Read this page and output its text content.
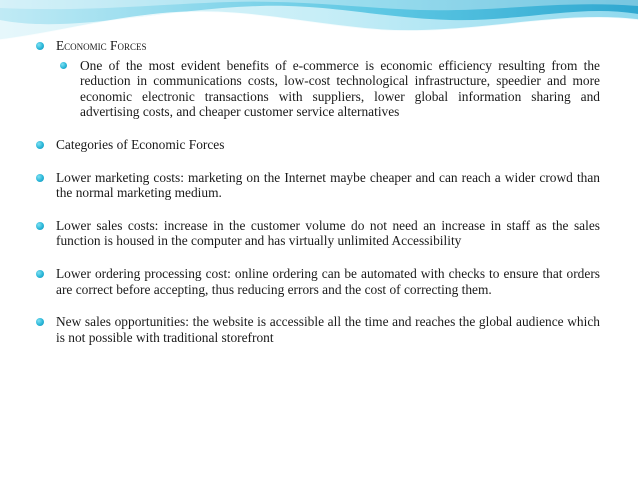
Economic Forces
One of the most evident benefits of e-commerce is economic efficiency resulting from the reduction in communications costs, low-cost technological infrastructure, speedier and more economic electronic transactions with suppliers, lower global information sharing and advertising costs, and cheaper customer service alternatives
Categories of Economic Forces
Lower marketing costs: marketing on the Internet maybe cheaper and can reach a wider crowd than the normal marketing medium.
Lower sales costs: increase in the customer volume do not need an increase in staff as the sales function is housed in the computer and has virtually unlimited Accessibility
Lower ordering processing cost: online ordering can be automated with checks to ensure that orders are correct before accepting, thus reducing errors and the cost of correcting them.
New sales opportunities: the website is accessible all the time and reaches the global audience which is not possible with traditional storefront
